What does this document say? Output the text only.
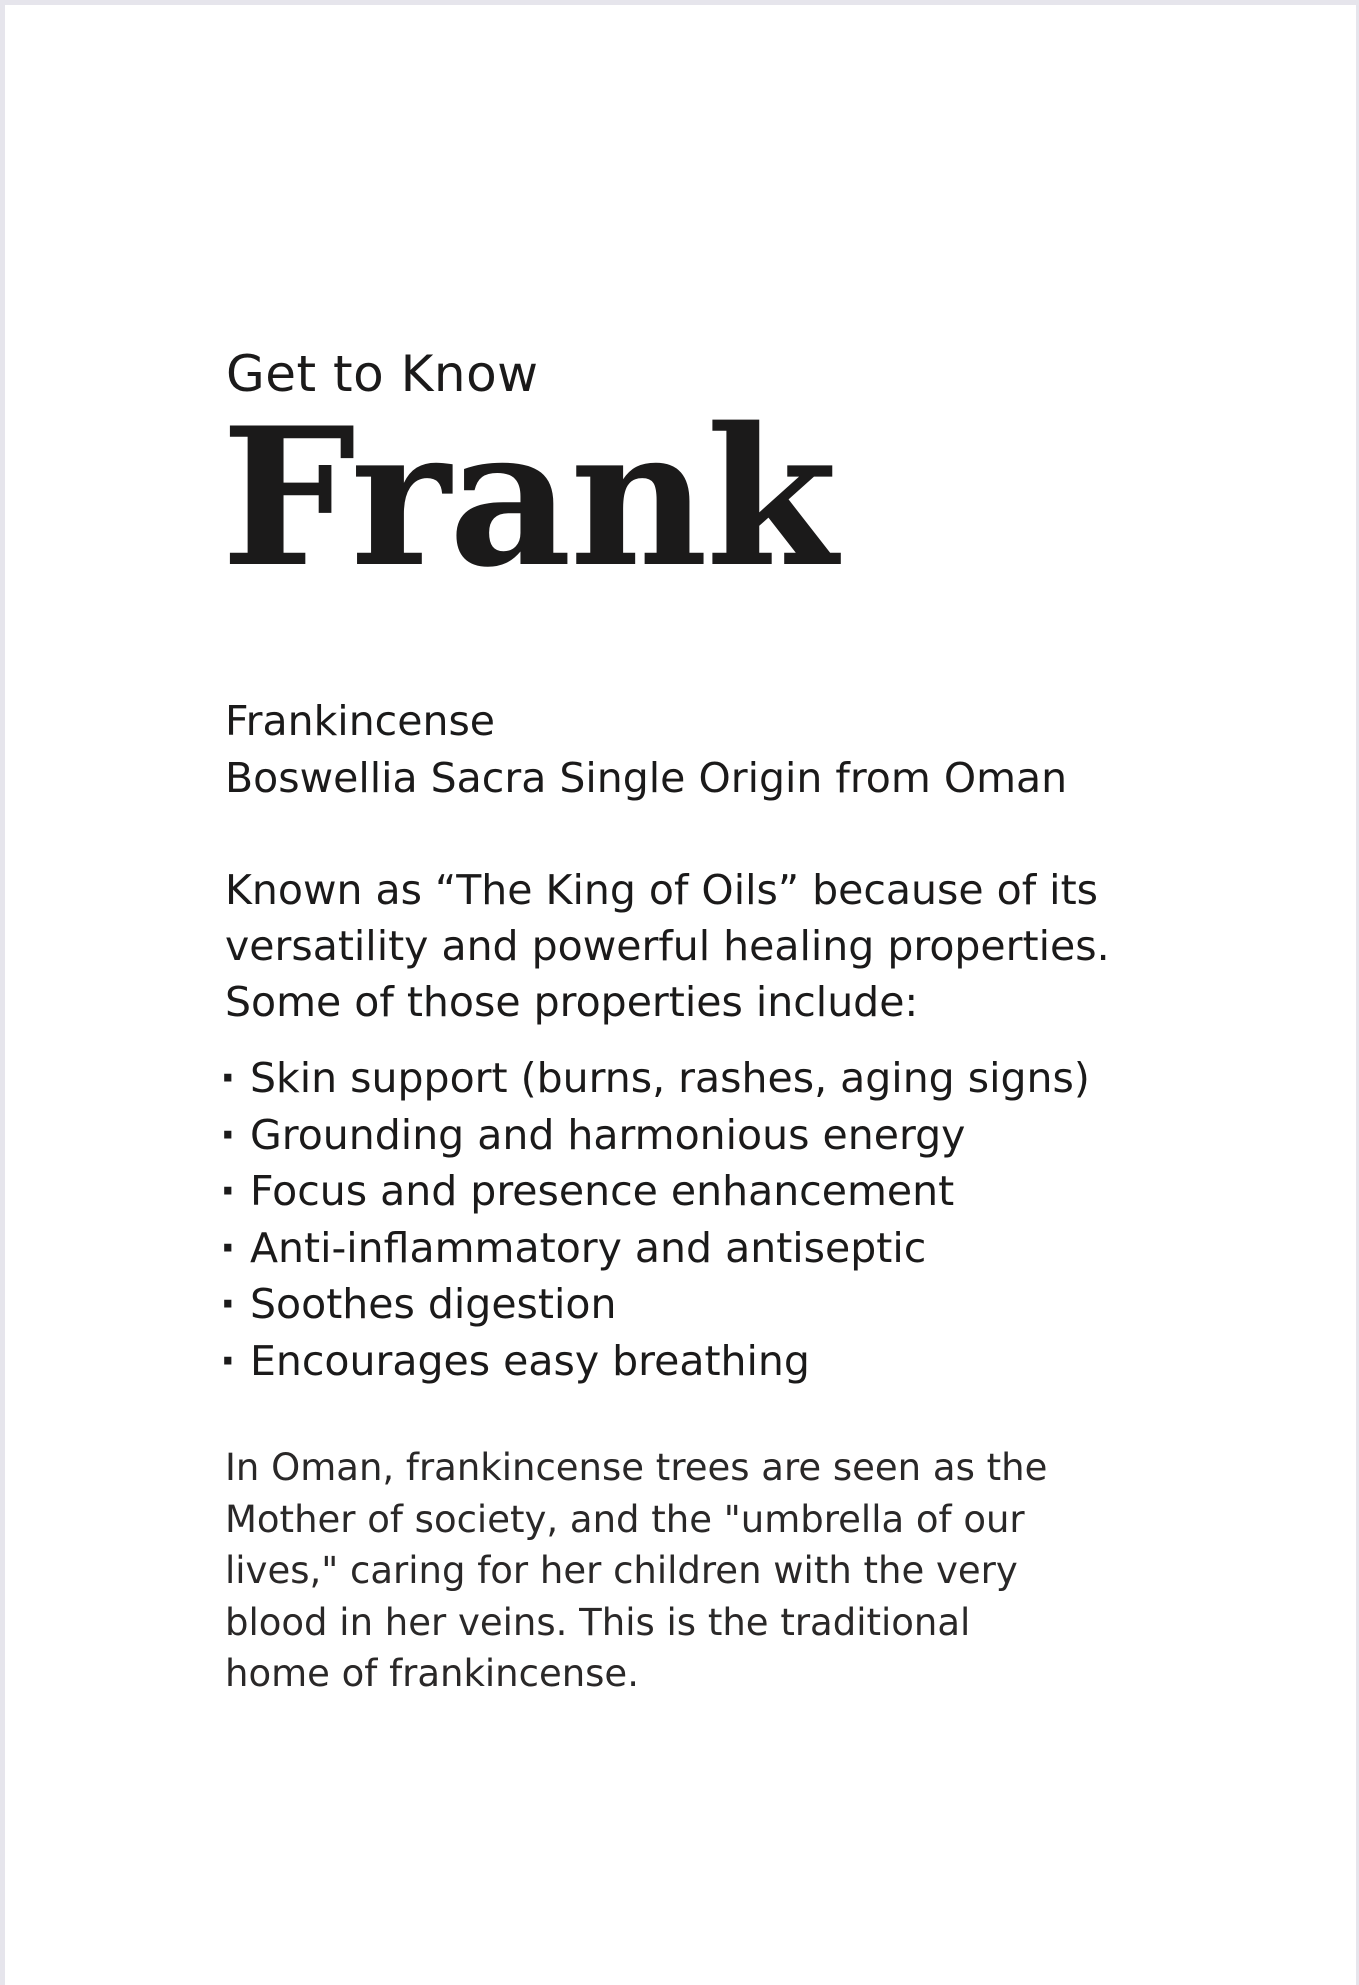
Get to Know
Frank
Frankincense
Boswellia Sacra Single Origin from Oman
Known as “The King of Oils” because of its
versatility and powerful healing properties.
Some of those properties include:
· Skin support (burns, rashes, aging signs)
· Grounding and harmonious energy
· Focus and presence enhancement
· Anti-inflammatory and antiseptic
· Soothes digestion
· Encourages easy breathing
In Oman, frankincense trees are seen as the
Mother of society, and the "umbrella of our
lives," caring for her children with the very
blood in her veins. This is the traditional
home of frankincense.
